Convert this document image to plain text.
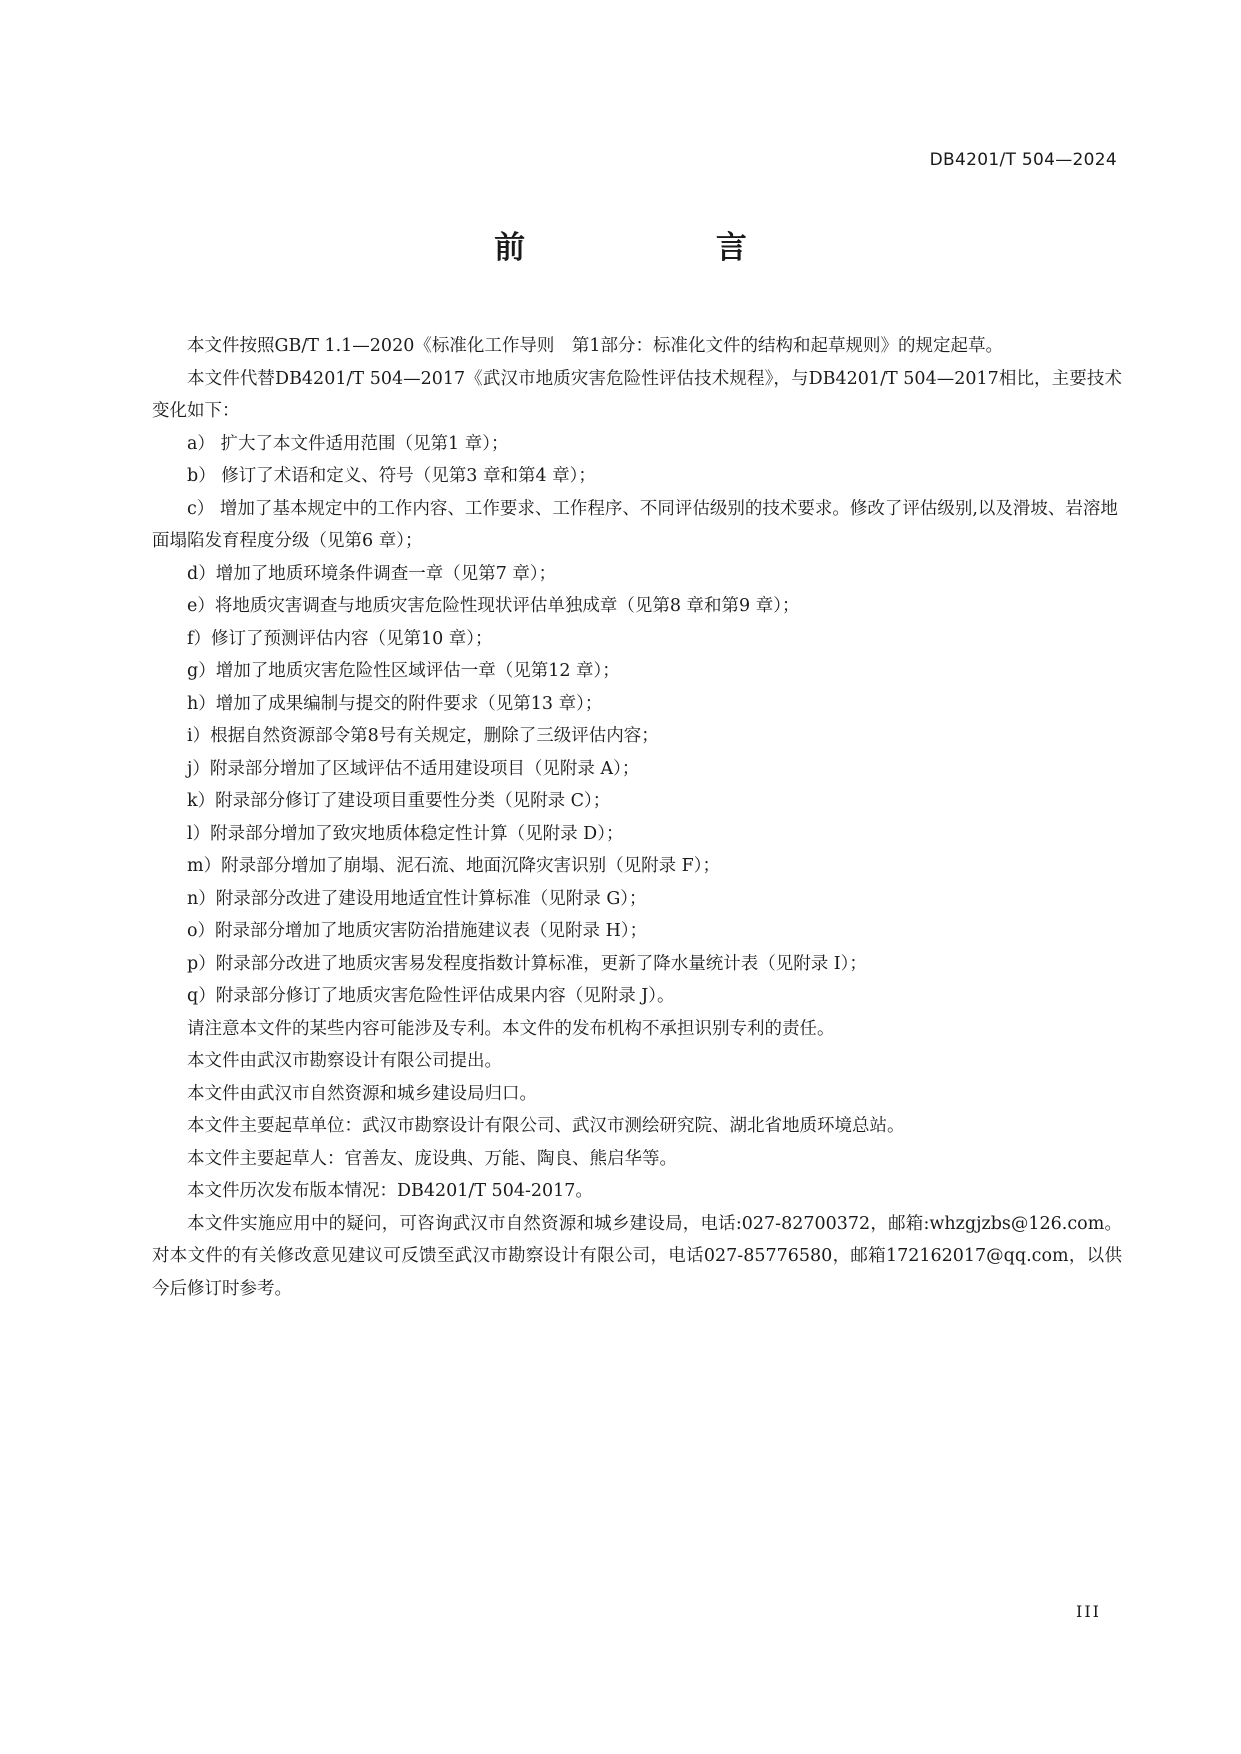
DB4201/T 504—2024
前 言

本文件按照GB/T 1.1—2020《标准化工作导则　第1部分：标准化文件的结构和起草规则》的规定起草。

本文件代替DB4201/T 504—2017《武汉市地质灾害危险性评估技术规程》，与DB4201/T 504—2017相比，主要技术变化如下：

a） 扩大了本文件适用范围（见第1 章）；

b） 修订了术语和定义、符号（见第3 章和第4 章）；

c） 增加了基本规定中的工作内容、工作要求、工作程序、不同评估级别的技术要求。修改了评估级别,以及滑坡、岩溶地面塌陷发育程度分级（见第6 章）；

d）增加了地质环境条件调查一章（见第7 章）；

e）将地质灾害调查与地质灾害危险性现状评估单独成章（见第8 章和第9 章）；

f）修订了预测评估内容（见第10 章）；

g）增加了地质灾害危险性区域评估一章（见第12 章）；

h）增加了成果编制与提交的附件要求（见第13 章）；

i）根据自然资源部令第8号有关规定，删除了三级评估内容；

j）附录部分增加了区域评估不适用建设项目（见附录 A）；

k）附录部分修订了建设项目重要性分类（见附录 C）；

l）附录部分增加了致灾地质体稳定性计算（见附录 D）；

m）附录部分增加了崩塌、泥石流、地面沉降灾害识别（见附录 F）；

n）附录部分改进了建设用地适宜性计算标准（见附录 G）；

o）附录部分增加了地质灾害防治措施建议表（见附录 H）；

p）附录部分改进了地质灾害易发程度指数计算标准，更新了降水量统计表（见附录 I）；

q）附录部分修订了地质灾害危险性评估成果内容（见附录 J）。

请注意本文件的某些内容可能涉及专利。本文件的发布机构不承担识别专利的责任。

本文件由武汉市勘察设计有限公司提出。

本文件由武汉市自然资源和城乡建设局归口。

本文件主要起草单位：武汉市勘察设计有限公司、武汉市测绘研究院、湖北省地质环境总站。

本文件主要起草人：官善友、庞设典、万能、陶良、熊启华等。

本文件历次发布版本情况：DB4201/T 504-2017。

本文件实施应用中的疑问，可咨询武汉市自然资源和城乡建设局，电话:027-82700372，邮箱:whzgjzbs@126.com。对本文件的有关修改意见建议可反馈至武汉市勘察设计有限公司，电话027-85776580，邮箱172162017@qq.com，以供今后修订时参考。

III
